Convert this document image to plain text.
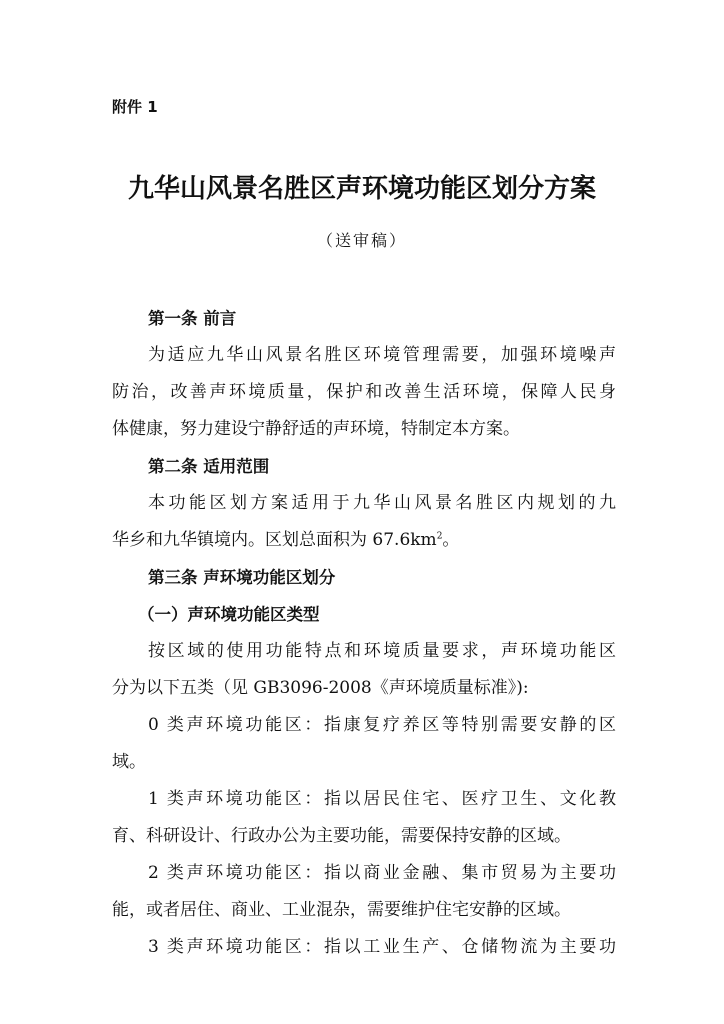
附件 1
九华山风景名胜区声环境功能区划分方案
（送审稿）
第一条 前言
为适应九华山风景名胜区环境管理需要，加强环境噪声
防治，改善声环境质量，保护和改善生活环境，保障人民身
体健康，努力建设宁静舒适的声环境，特制定本方案。
第二条 适用范围
本功能区划方案适用于九华山风景名胜区内规划的九
华乡和九华镇境内。区划总面积为 $67.6km^2$。
第三条 声环境功能区划分
（一）声环境功能区类型
按区域的使用功能特点和环境质量要求，声环境功能区
分为以下五类（见 GB3096-2008《声环境质量标准》):
0 类声环境功能区：指康复疗养区等特别需要安静的区
域。
1 类声环境功能区：指以居民住宅、医疗卫生、文化教
育、科研设计、行政办公为主要功能，需要保持安静的区域。
2 类声环境功能区：指以商业金融、集市贸易为主要功
能，或者居住、商业、工业混杂，需要维护住宅安静的区域。
3 类声环境功能区：指以工业生产、仓储物流为主要功
